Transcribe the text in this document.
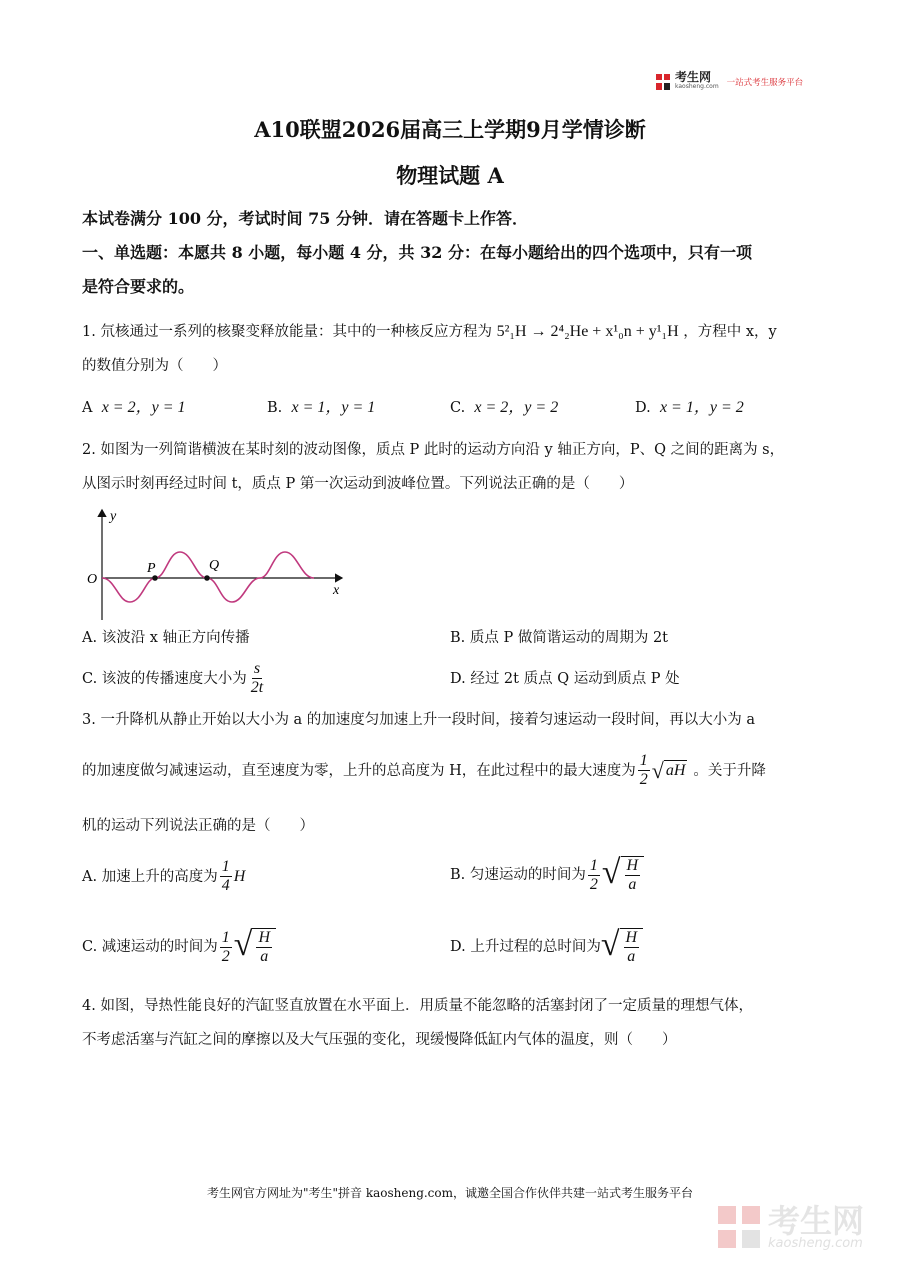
考生网
kaosheng.com 一站式考生服务平台
A10联盟2026届高三上学期9月学情诊断
物理试题 A
本试卷满分 100 分，考试时间 75 分钟．请在答题卡上作答．
一、单选题：本愿共 8 小题，每小题 4 分，共 32 分：在每小题给出的四个选项中，只有一项
是符合要求的。
1. 氘核通过一系列的核聚变释放能量：其中的一种核反应方程为 5²₁H → 2⁴₂He + x¹₀n + y¹₁H ，方程中 x，y
的数值分别为（　　）
A x = 2，y = 1	B. x = 1，y = 1	C. x = 2，y = 2	D. x = 1，y = 2
2. 如图为一列简谐横波在某时刻的波动图像，质点 P 此时的运动方向沿 y 轴正方向，P、Q 之间的距离为 s，
从图示时刻再经过时间 t，质点 P 第一次运动到波峰位置。下列说法正确的是（　　）
y
x
O
P	Q
A. 该波沿 x 轴正方向传播	B. 质点 P 做简谐运动的周期为 2t
C. 该波的传播速度大小为 $\frac{s}{2t}$	D. 经过 2t 质点 Q 运动到质点 P 处
3. 一升降机从静止开始以大小为 a 的加速度匀加速上升一段时间，接着匀速运动一段时间，再以大小为 a
的加速度做匀减速运动，直至速度为零，上升的总高度为 H，在此过程中的最大速度为 $\frac{1}{2}$ √ aH 。关于升降
机的运动下列说法正确的是（　　）
A. 加速上升的高度为 $\frac{1}{4}$ H	B. 匀速运动的时间为 $\frac{1}{2}$ √ $\frac{H}{a}$
C. 减速运动的时间为 $\frac{1}{2}$ √ $\frac{H}{a}$	D. 上升过程的总时间为 √ $\frac{H}{a}$
4. 如图，导热性能良好的汽缸竖直放置在水平面上．用质量不能忽略的活塞封闭了一定质量的理想气体，
不考虑活塞与汽缸之间的摩擦以及大气压强的变化，现缓慢降低缸内气体的温度，则（　　）
考生网官方网址为"考生"拼音 kaosheng.com，诚邀全国合作伙伴共建一站式考生服务平台
考生网
kaosheng.com
